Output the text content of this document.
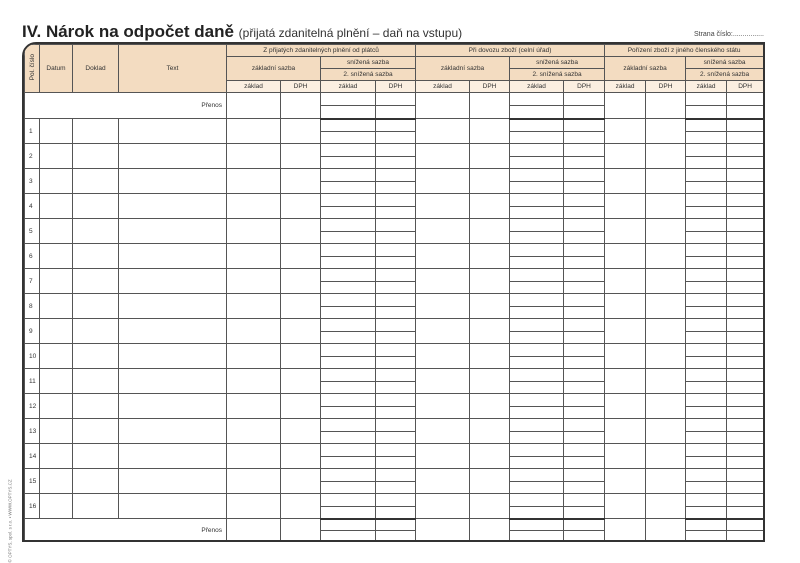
IV. Nárok na odpočet daně (přijatá zdanitelná plnění – daň na vstupu)	Strana číslo:................
© OPTYS, spol. s r.o. ▪ WWW.OPTYS.CZ
Pol. číslo	Datum	Doklad	Text	Z přijatých zdanitelných plnění od plátců				Při dovozu zboží (celní úřad)				Pořízení zboží z jiného členského státu			
				základní sazba		snížená sazba		základní sazba		snížená sazba		základní sazba		snížená sazba	
						2. snížená sazba				2. snížená sazba				2. snížená sazba	
				základ	DPH	základ	DPH	základ	DPH	základ	DPH	základ	DPH	základ	DPH
Přenos															

1															

2															

3															

4															

5															

6															

7															

8															

9															

10															

11															

12															

13															

14															

15															

16															

Přenos															
